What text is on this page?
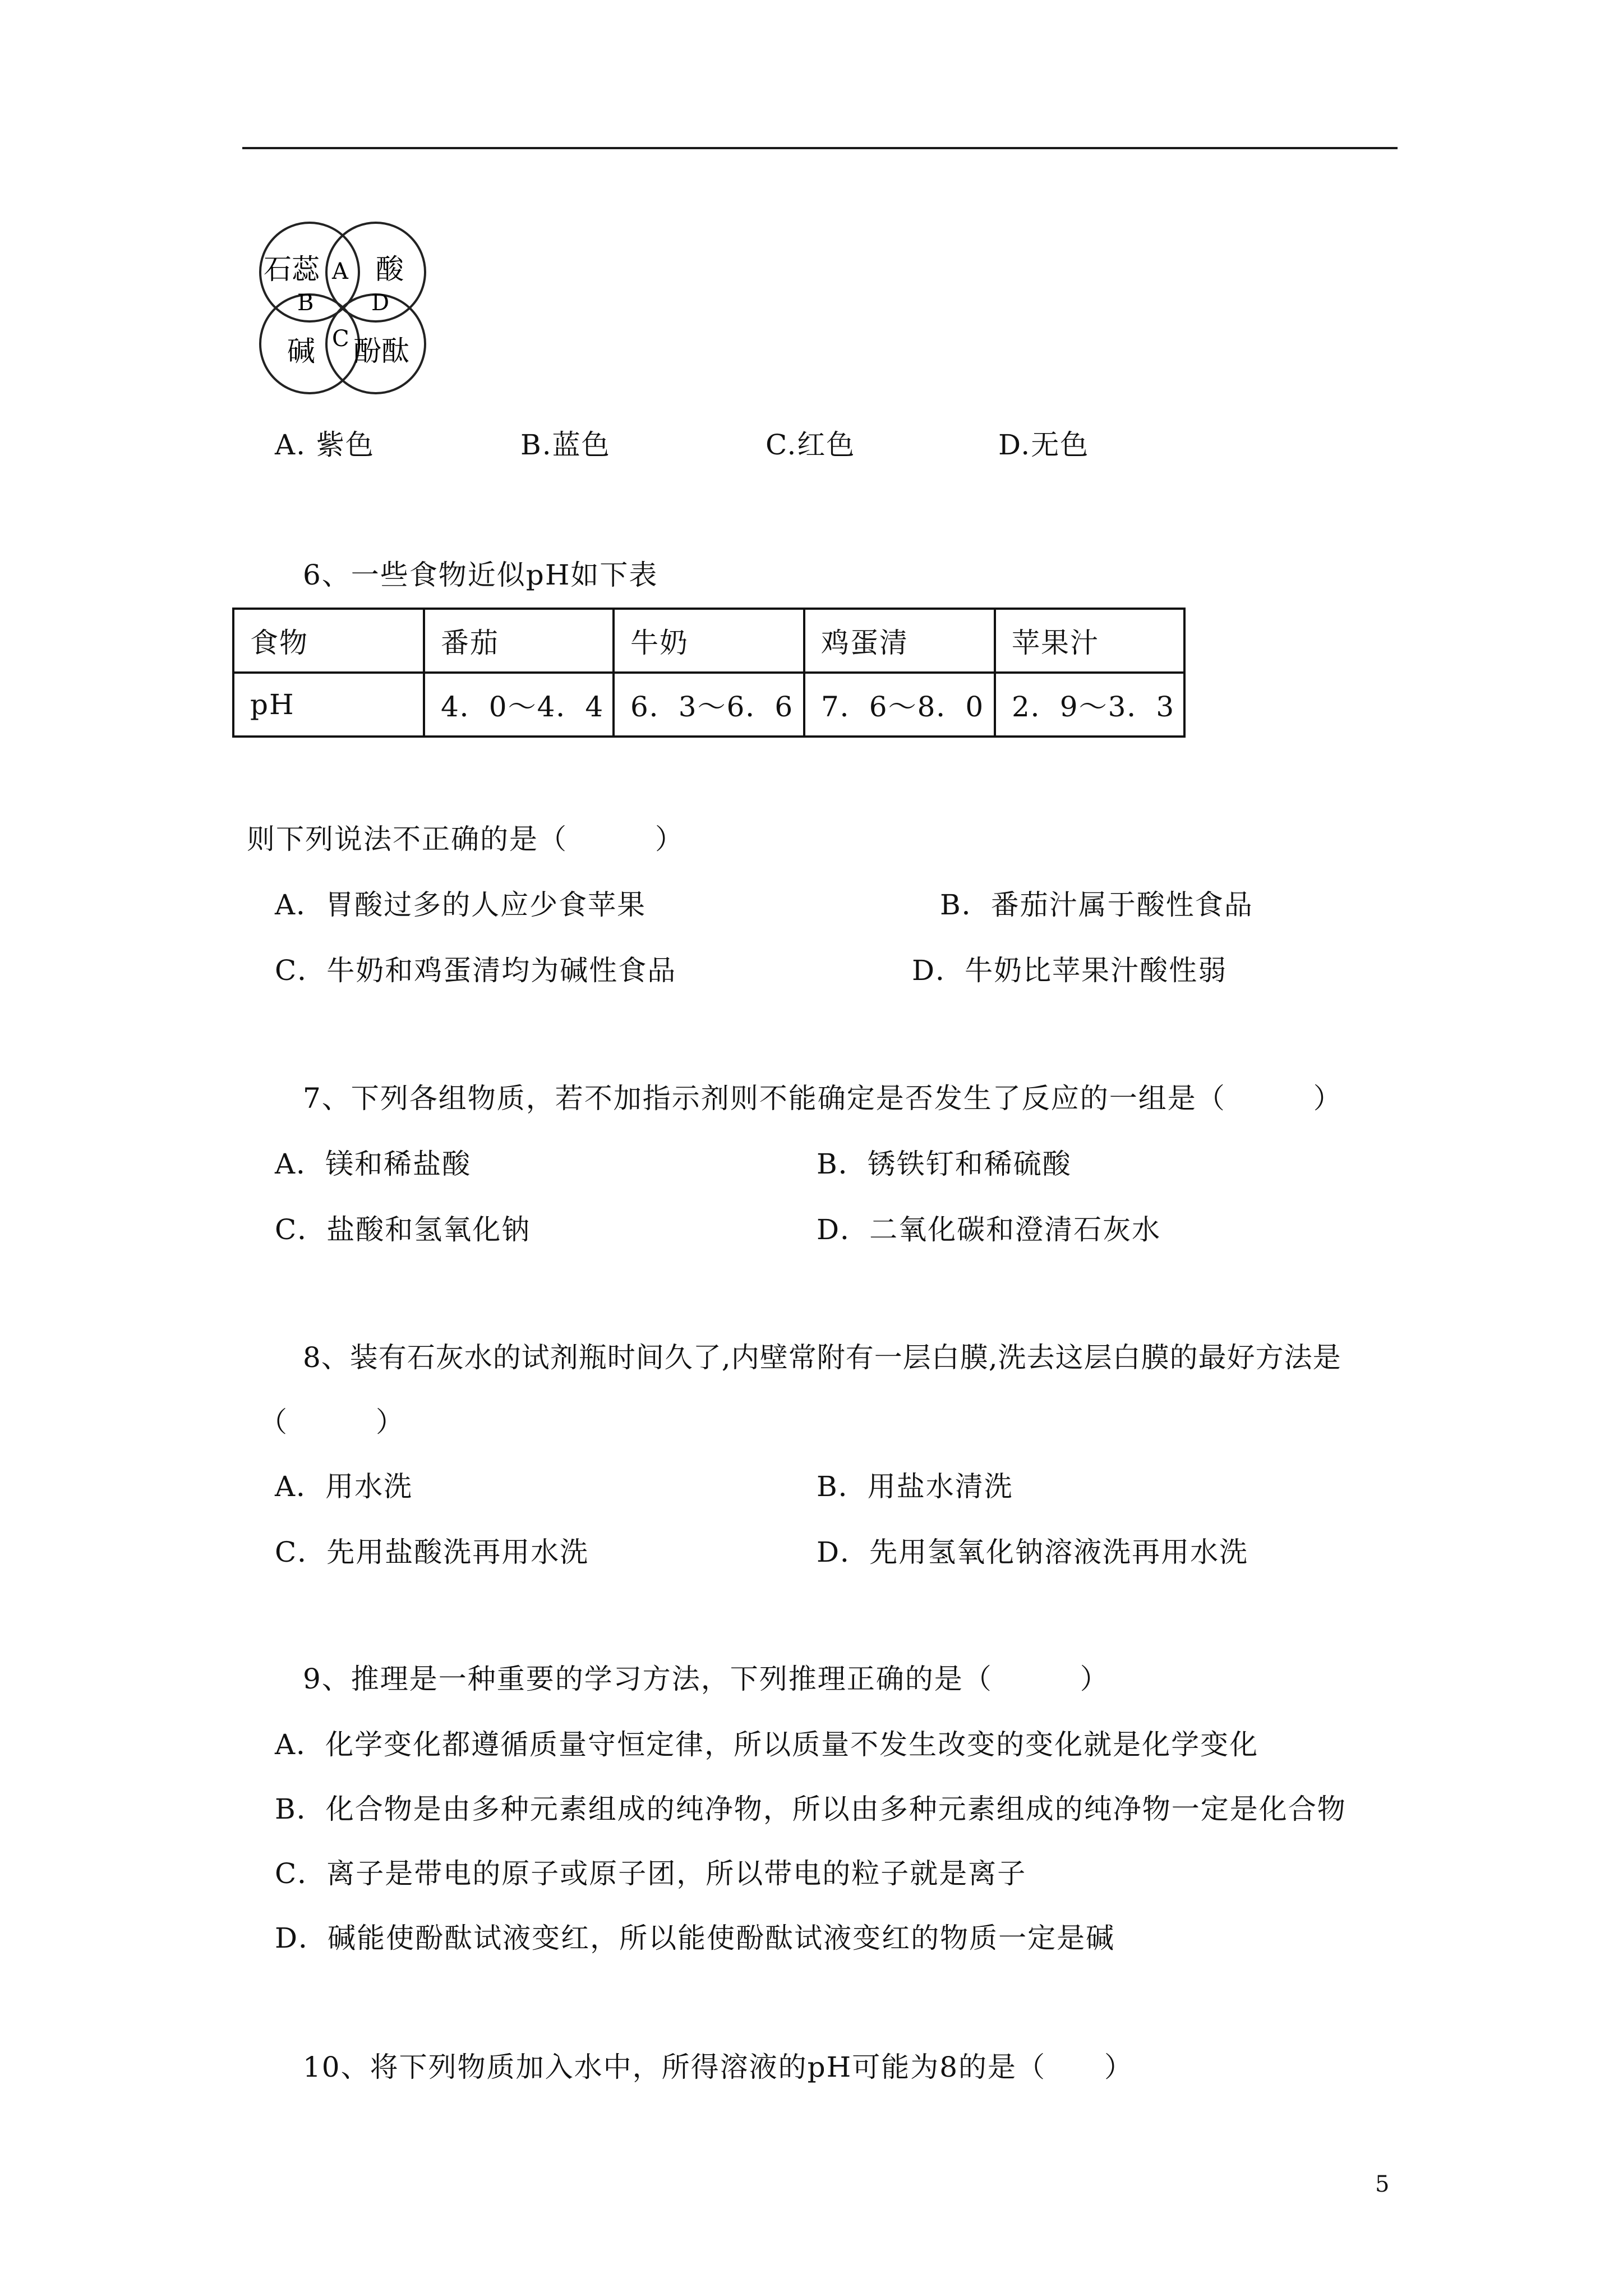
石蕊 酸
碱 酚酞
A
B
C
D
A. 紫色	B.蓝色	C.红色	D.无色
6、一些食物近似pH如下表
食物	番茄	牛奶	鸡蛋清	苹果汁
pH	4．0～4．4	6．3～6．6	7．6～8．0	2．9～3．3
则下列说法不正确的是（　　　）
A．胃酸过多的人应少食苹果	B．番茄汁属于酸性食品
C．牛奶和鸡蛋清均为碱性食品	D．牛奶比苹果汁酸性弱
7、下列各组物质，若不加指示剂则不能确定是否发生了反应的一组是（　　　）
A．镁和稀盐酸	B．锈铁钉和稀硫酸
C．盐酸和氢氧化钠	D．二氧化碳和澄清石灰水
8、装有石灰水的试剂瓶时间久了,内壁常附有一层白膜,洗去这层白膜的最好方法是
（　　　）
A．用水洗	B．用盐水清洗
C．先用盐酸洗再用水洗	D．先用氢氧化钠溶液洗再用水洗
9、推理是一种重要的学习方法，下列推理正确的是（　　　）
A．化学变化都遵循质量守恒定律，所以质量不发生改变的变化就是化学变化
B．化合物是由多种元素组成的纯净物，所以由多种元素组成的纯净物一定是化合物
C．离子是带电的原子或原子团，所以带电的粒子就是离子
D．碱能使酚酞试液变红，所以能使酚酞试液变红的物质一定是碱
10、将下列物质加入水中，所得溶液的pH可能为8的是（　　）
5
